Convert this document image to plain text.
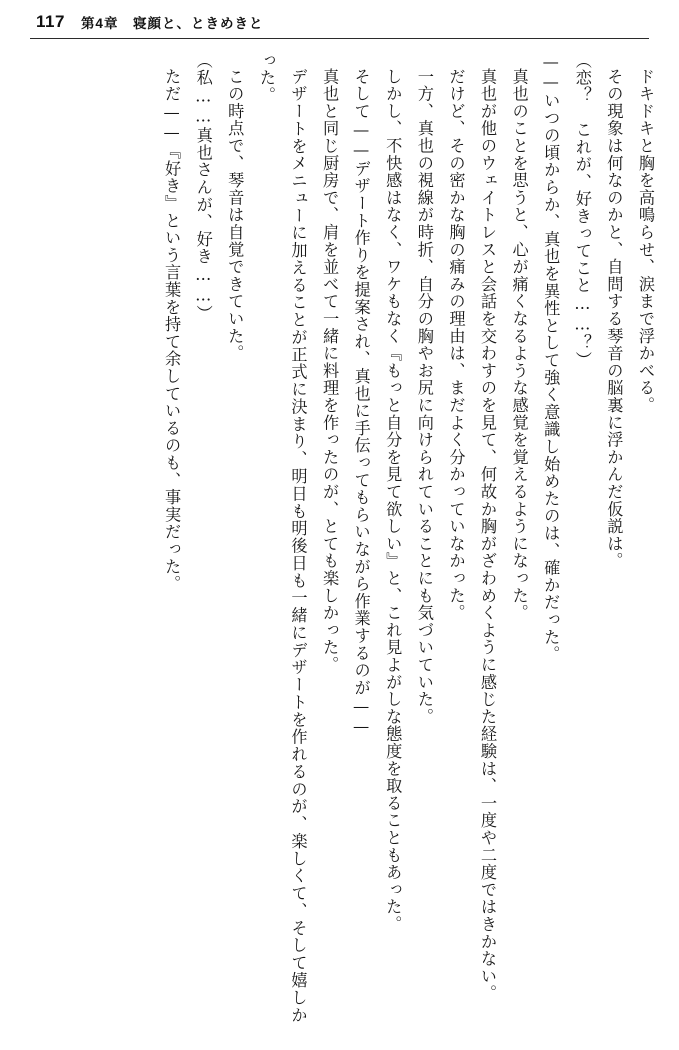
117 第4章　寝顔と、ときめきと

ドキドキと胸を高鳴らせ、涙まで浮かべる。

その現象は何なのかと、自問する琴音の脳裏に浮かんだ仮説は。

（恋？　これが、好きってこと……？）

——いつの頃からか、真也を異性として強く意識し始めたのは、確かだった。

真也のことを思うと、心が痛くなるような感覚を覚えるようになった。

真也が他のウェイトレスと会話を交わすのを見て、何故か胸がざわめくように感じた経験は、一度や二度ではきかない。

だけど、その密かな胸の痛みの理由は、まだよく分かっていなかった。

一方、真也の視線が時折、自分の胸やお尻に向けられていることにも気づいていた。

しかし、不快感はなく、ワケもなく『もっと自分を見て欲しい』と、これ見よがしな態度を取ることもあった。

そして——デザート作りを提案され、真也に手伝ってもらいながら作業するのが——

真也と同じ厨房で、肩を並べて一緒に料理を作ったのが、とても楽しかった。

デザートをメニューに加えることが正式に決まり、明日も明後日も一緒にデザートを作れるのが、楽しくて、そして嬉しかった。

この時点で、琴音は自覚できていた。

（私……真也さんが、好き……）

ただ——『好き』という言葉を持て余しているのも、事実だった。
